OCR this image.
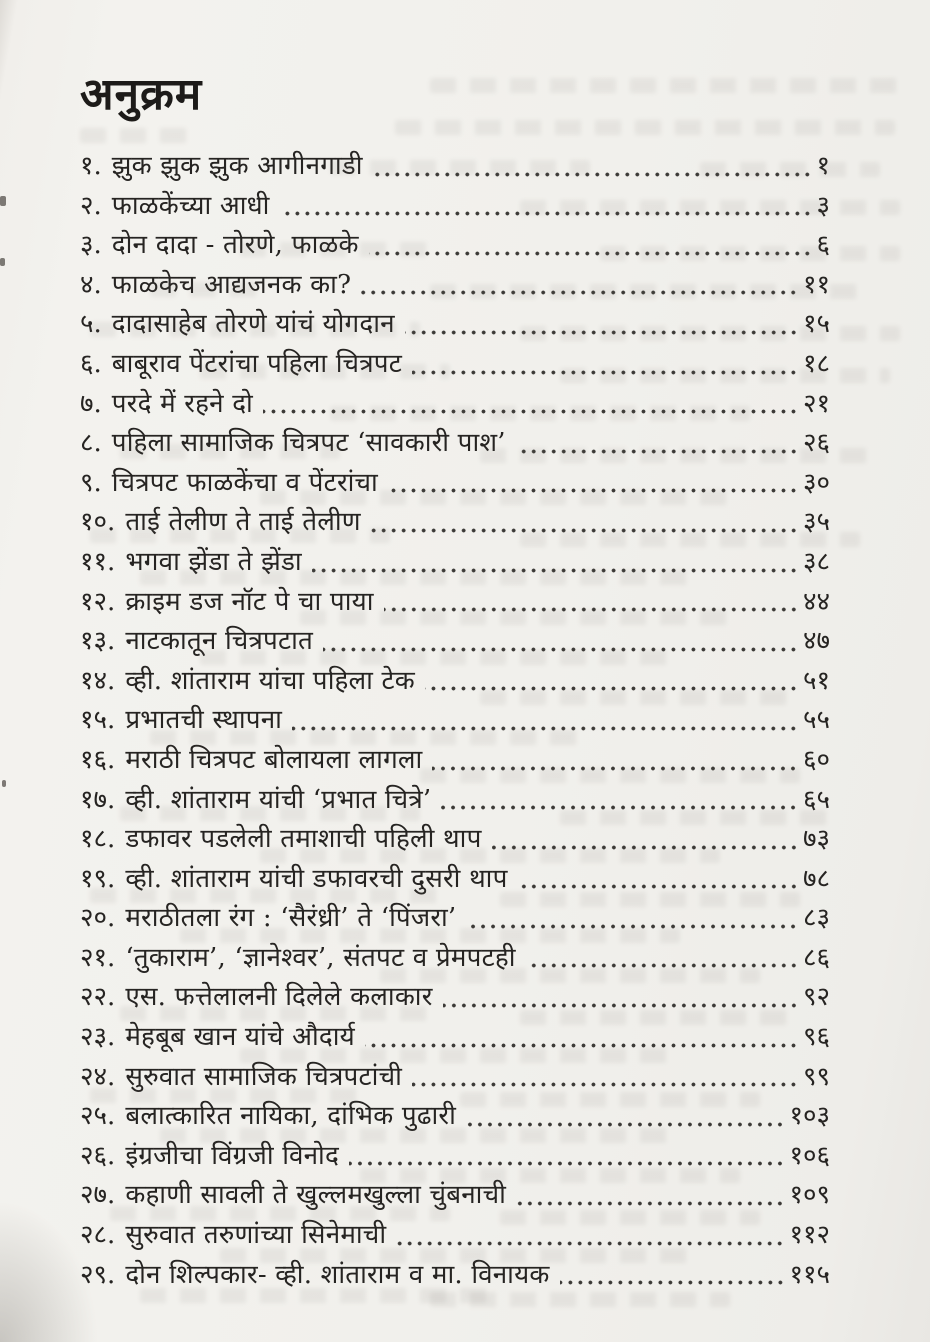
अनुक्रम
१. झुक झुक झुक आगीनगाडी	१
२. फाळकेंच्या आधी	३
३. दोन दादा - तोरणे, फाळके	६
४. फाळकेच आद्यजनक का?	११
५. दादासाहेब तोरणे यांचं योगदान	१५
६. बाबूराव पेंटरांचा पहिला चित्रपट	१८
७. परदे में रहने दो	२१
८. पहिला सामाजिक चित्रपट ‘सावकारी पाश’	२६
९. चित्रपट फाळकेंचा व पेंटरांचा	३०
१०. ताई तेलीण ते ताई तेलीण	३५
११. भगवा झेंडा ते झेंडा	३८
१२. क्राइम डज नॉट पे चा पाया	४४
१३. नाटकातून चित्रपटात	४७
१४. व्ही. शांताराम यांचा पहिला टेक	५१
१५. प्रभातची स्थापना	५५
१६. मराठी चित्रपट बोलायला लागला	६०
१७. व्ही. शांताराम यांची ‘प्रभात चित्रे’	६५
१८. डफावर पडलेली तमाशाची पहिली थाप	७३
१९. व्ही. शांताराम यांची डफावरची दुसरी थाप	७८
२०. मराठीतला रंग : ‘सैरंध्री’ ते ‘पिंजरा’	८३
२१. ‘तुकाराम’, ‘ज्ञानेश्वर’, संतपट व प्रेमपटही	८६
२२. एस. फत्तेलालनी दिलेले कलाकार	९२
२३. मेहबूब खान यांचे औदार्य	९६
२४. सुरुवात सामाजिक चित्रपटांची	९९
२५. बलात्कारित नायिका, दांभिक पुढारी	१०३
२६. इंग्रजीचा विंग्रजी विनोद	१०६
२७. कहाणी सावली ते खुल्लमखुल्ला चुंबनाची	१०९
२८. सुरुवात तरुणांच्या सिनेमाची	११२
२९. दोन शिल्पकार- व्ही. शांताराम व मा. विनायक	११५
